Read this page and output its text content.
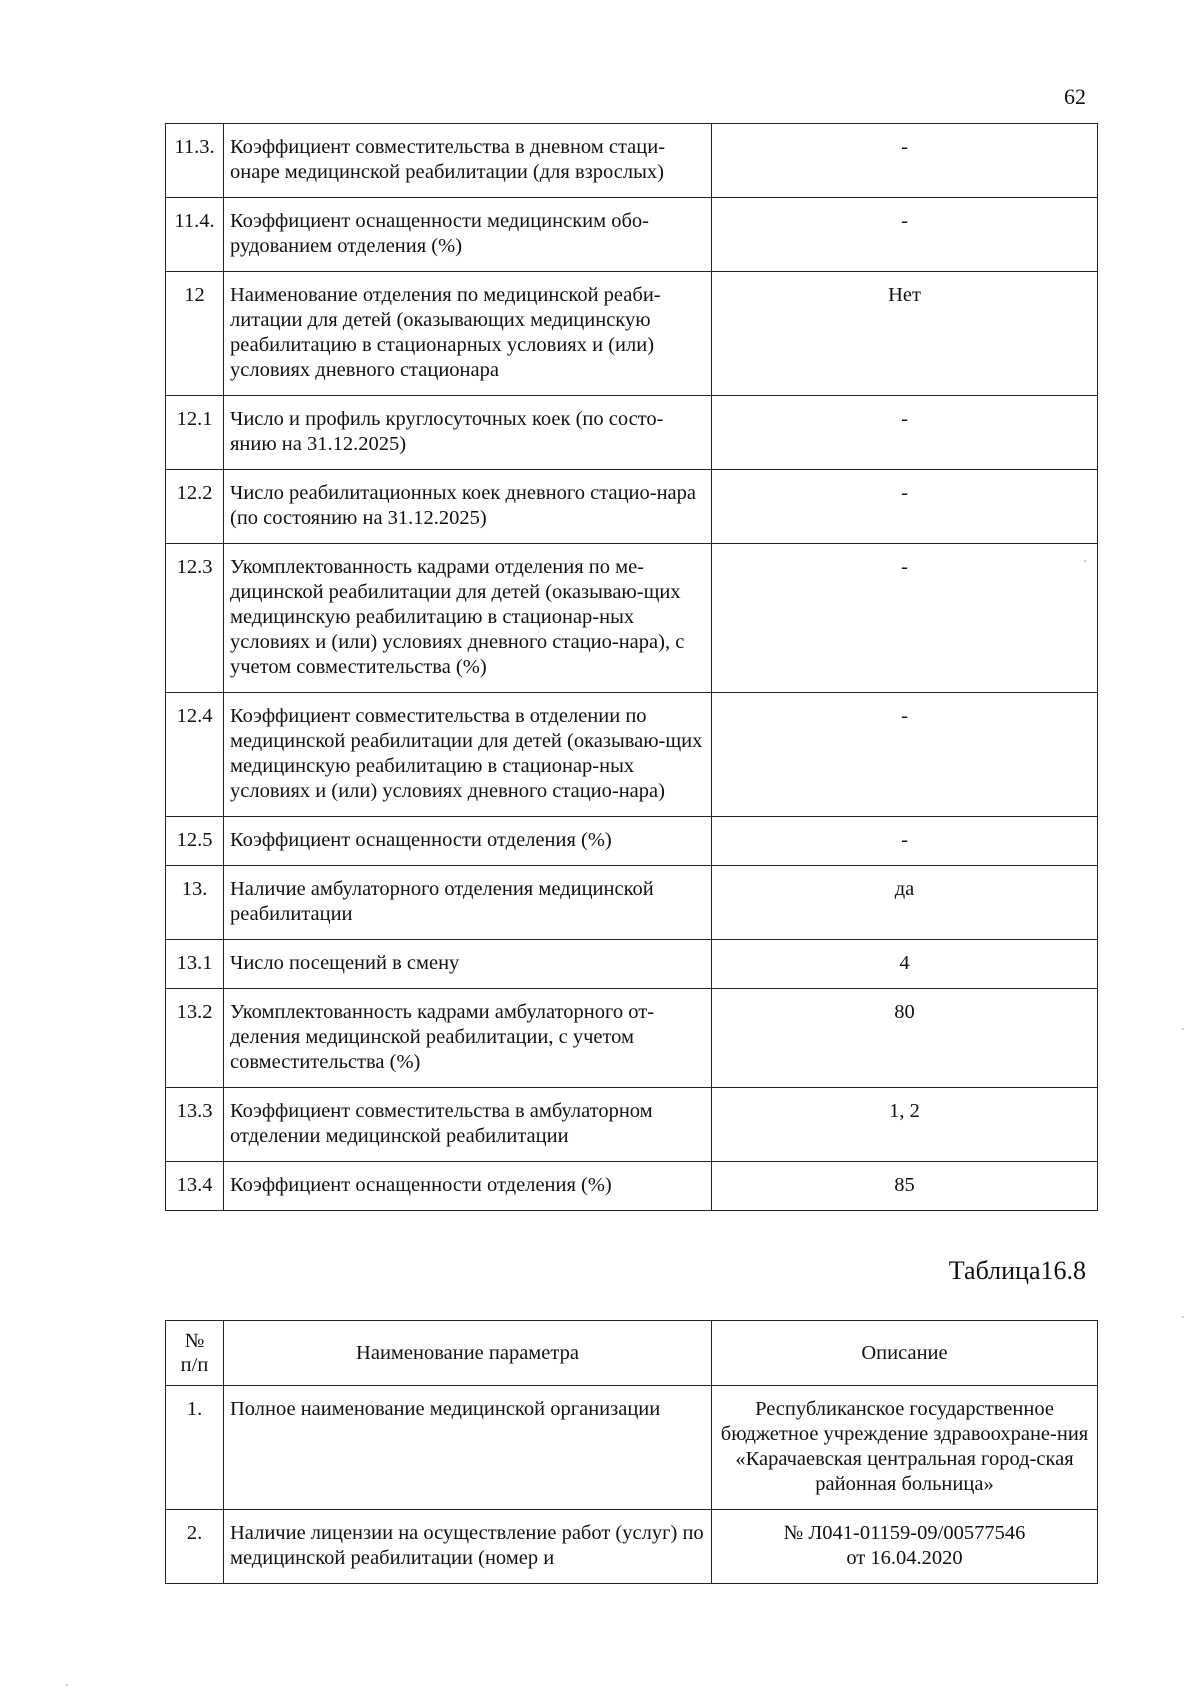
62
11.3.	Коэффициент совместительства в дневном стаци-онаре медицинской реабилитации (для взрослых)	-
11.4.	Коэффициент оснащенности медицинским обо-рудованием отделения (%)	-
12	Наименование отделения по медицинской реаби-литации для детей (оказывающих медицинскую реабилитацию в стационарных условиях и (или) условиях дневного стационара	Нет
12.1	Число и профиль круглосуточных коек (по состо-янию на 31.12.2025)	-
12.2	Число реабилитационных коек дневного стацио-нара (по состоянию на 31.12.2025)	-
12.3	Укомплектованность кадрами отделения по ме-дицинской реабилитации для детей (оказываю-щих медицинскую реабилитацию в стационар-ных условиях и (или) условиях дневного стацио-нара), с учетом совместительства (%)	-
12.4	Коэффициент совместительства в отделении по медицинской реабилитации для детей (оказываю-щих медицинскую реабилитацию в стационар-ных условиях и (или) условиях дневного стацио-нара)	-
12.5	Коэффициент оснащенности отделения (%)	-
13.	Наличие амбулаторного отделения медицинской реабилитации	да
13.1	Число посещений в смену	4
13.2	Укомплектованность кадрами амбулаторного от-деления медицинской реабилитации, с учетом совместительства (%)	80
13.3	Коэффициент совместительства в амбулаторном отделении медицинской реабилитации	1, 2
13.4	Коэффициент оснащенности отделения (%)	85
Таблица16.8
№
п/п	Наименование параметра	Описание
1.	Полное наименование медицинской организации	Республиканское государственное бюджетное учреждение здравоохране-ния «Карачаевская центральная город-ская районная больница»
2.	Наличие лицензии на осуществление работ (услуг) по медицинской реабилитации (номер и	№ Л041-01159-09/00577546
от 16.04.2020
